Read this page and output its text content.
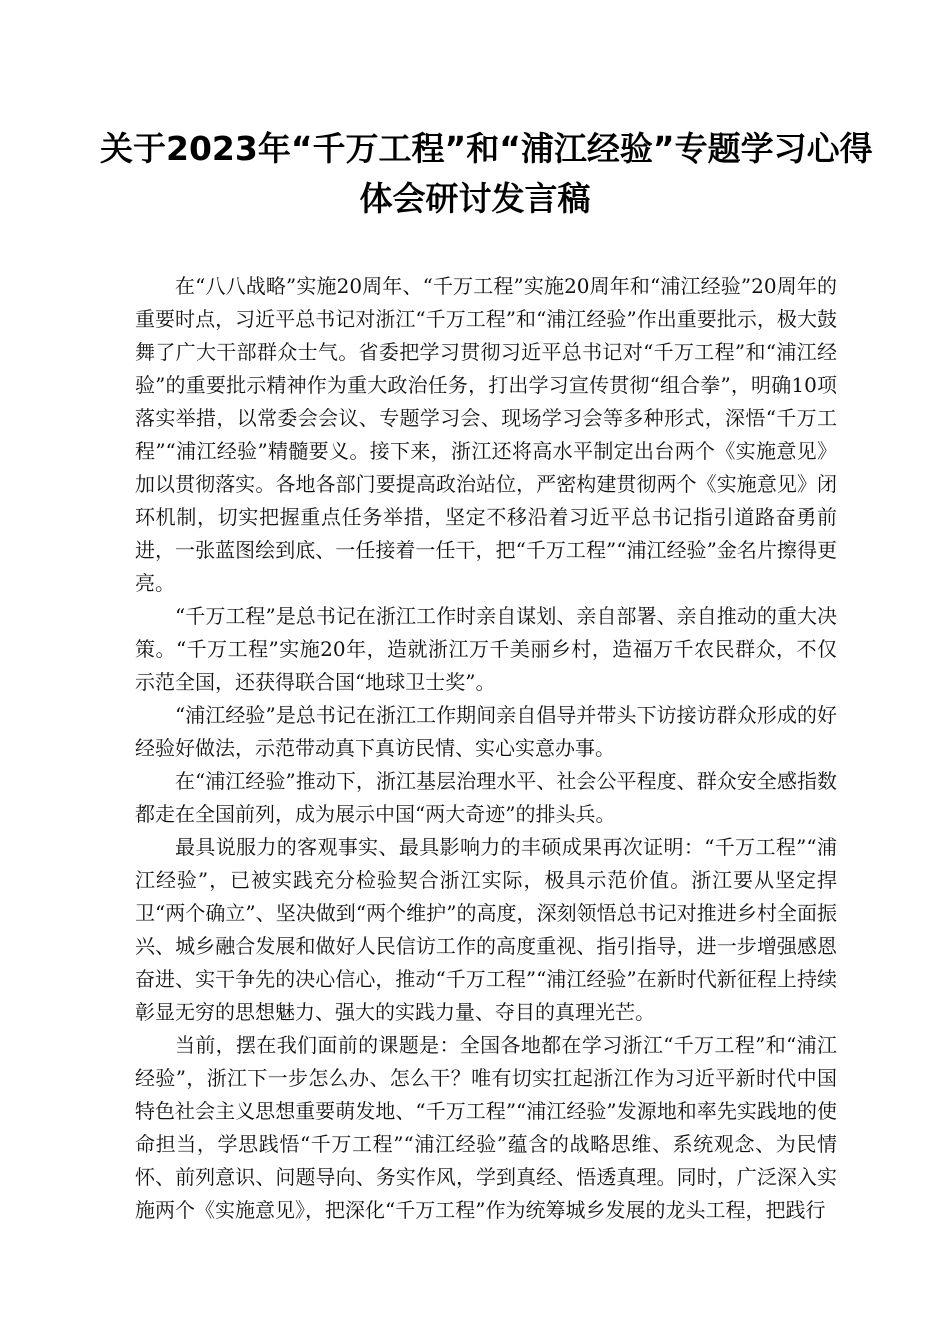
关于2023年“千万工程”和“浦江经验”专题学习心得
体会研讨发言稿

在“八八战略”实施20周年、“千万工程”实施20周年和“浦江经验”20周年的重要时点，习近平总书记对浙江“千万工程”和“浦江经验”作出重要批示，极大鼓舞了广大干部群众士气。省委把学习贯彻习近平总书记对“千万工程”和“浦江经验”的重要批示精神作为重大政治任务，打出学习宣传贯彻“组合拳”，明确10项落实举措，以常委会会议、专题学习会、现场学习会等多种形式，深悟“千万工程”“浦江经验”精髓要义。接下来，浙江还将高水平制定出台两个《实施意见》加以贯彻落实。各地各部门要提高政治站位，严密构建贯彻两个《实施意见》闭环机制，切实把握重点任务举措，坚定不移沿着习近平总书记指引道路奋勇前进，一张蓝图绘到底、一任接着一任干，把“千万工程”“浦江经验”金名片擦得更亮。

“千万工程”是总书记在浙江工作时亲自谋划、亲自部署、亲自推动的重大决策。“千万工程”实施20年，造就浙江万千美丽乡村，造福万千农民群众，不仅示范全国，还获得联合国“地球卫士奖”。

“浦江经验”是总书记在浙江工作期间亲自倡导并带头下访接访群众形成的好经验好做法，示范带动真下真访民情、实心实意办事。

在“浦江经验”推动下，浙江基层治理水平、社会公平程度、群众安全感指数都走在全国前列，成为展示中国“两大奇迹”的排头兵。

最具说服力的客观事实、最具影响力的丰硕成果再次证明：“千万工程”“浦江经验”，已被实践充分检验契合浙江实际，极具示范价值。浙江要从坚定捍卫“两个确立”、坚决做到“两个维护”的高度，深刻领悟总书记对推进乡村全面振兴、城乡融合发展和做好人民信访工作的高度重视、指引指导，进一步增强感恩奋进、实干争先的决心信心，推动“千万工程”“浦江经验”在新时代新征程上持续彰显无穷的思想魅力、强大的实践力量、夺目的真理光芒。

当前，摆在我们面前的课题是：全国各地都在学习浙江“千万工程”和“浦江经验”，浙江下一步怎么办、怎么干？唯有切实扛起浙江作为习近平新时代中国特色社会主义思想重要萌发地、“千万工程”“浦江经验”发源地和率先实践地的使命担当，学思践悟“千万工程”“浦江经验”蕴含的战略思维、系统观念、为民情怀、前列意识、问题导向、务实作风，学到真经、悟透真理。同时，广泛深入实施两个《实施意见》，把深化“千万工程”作为统筹城乡发展的龙头工程，把践行
